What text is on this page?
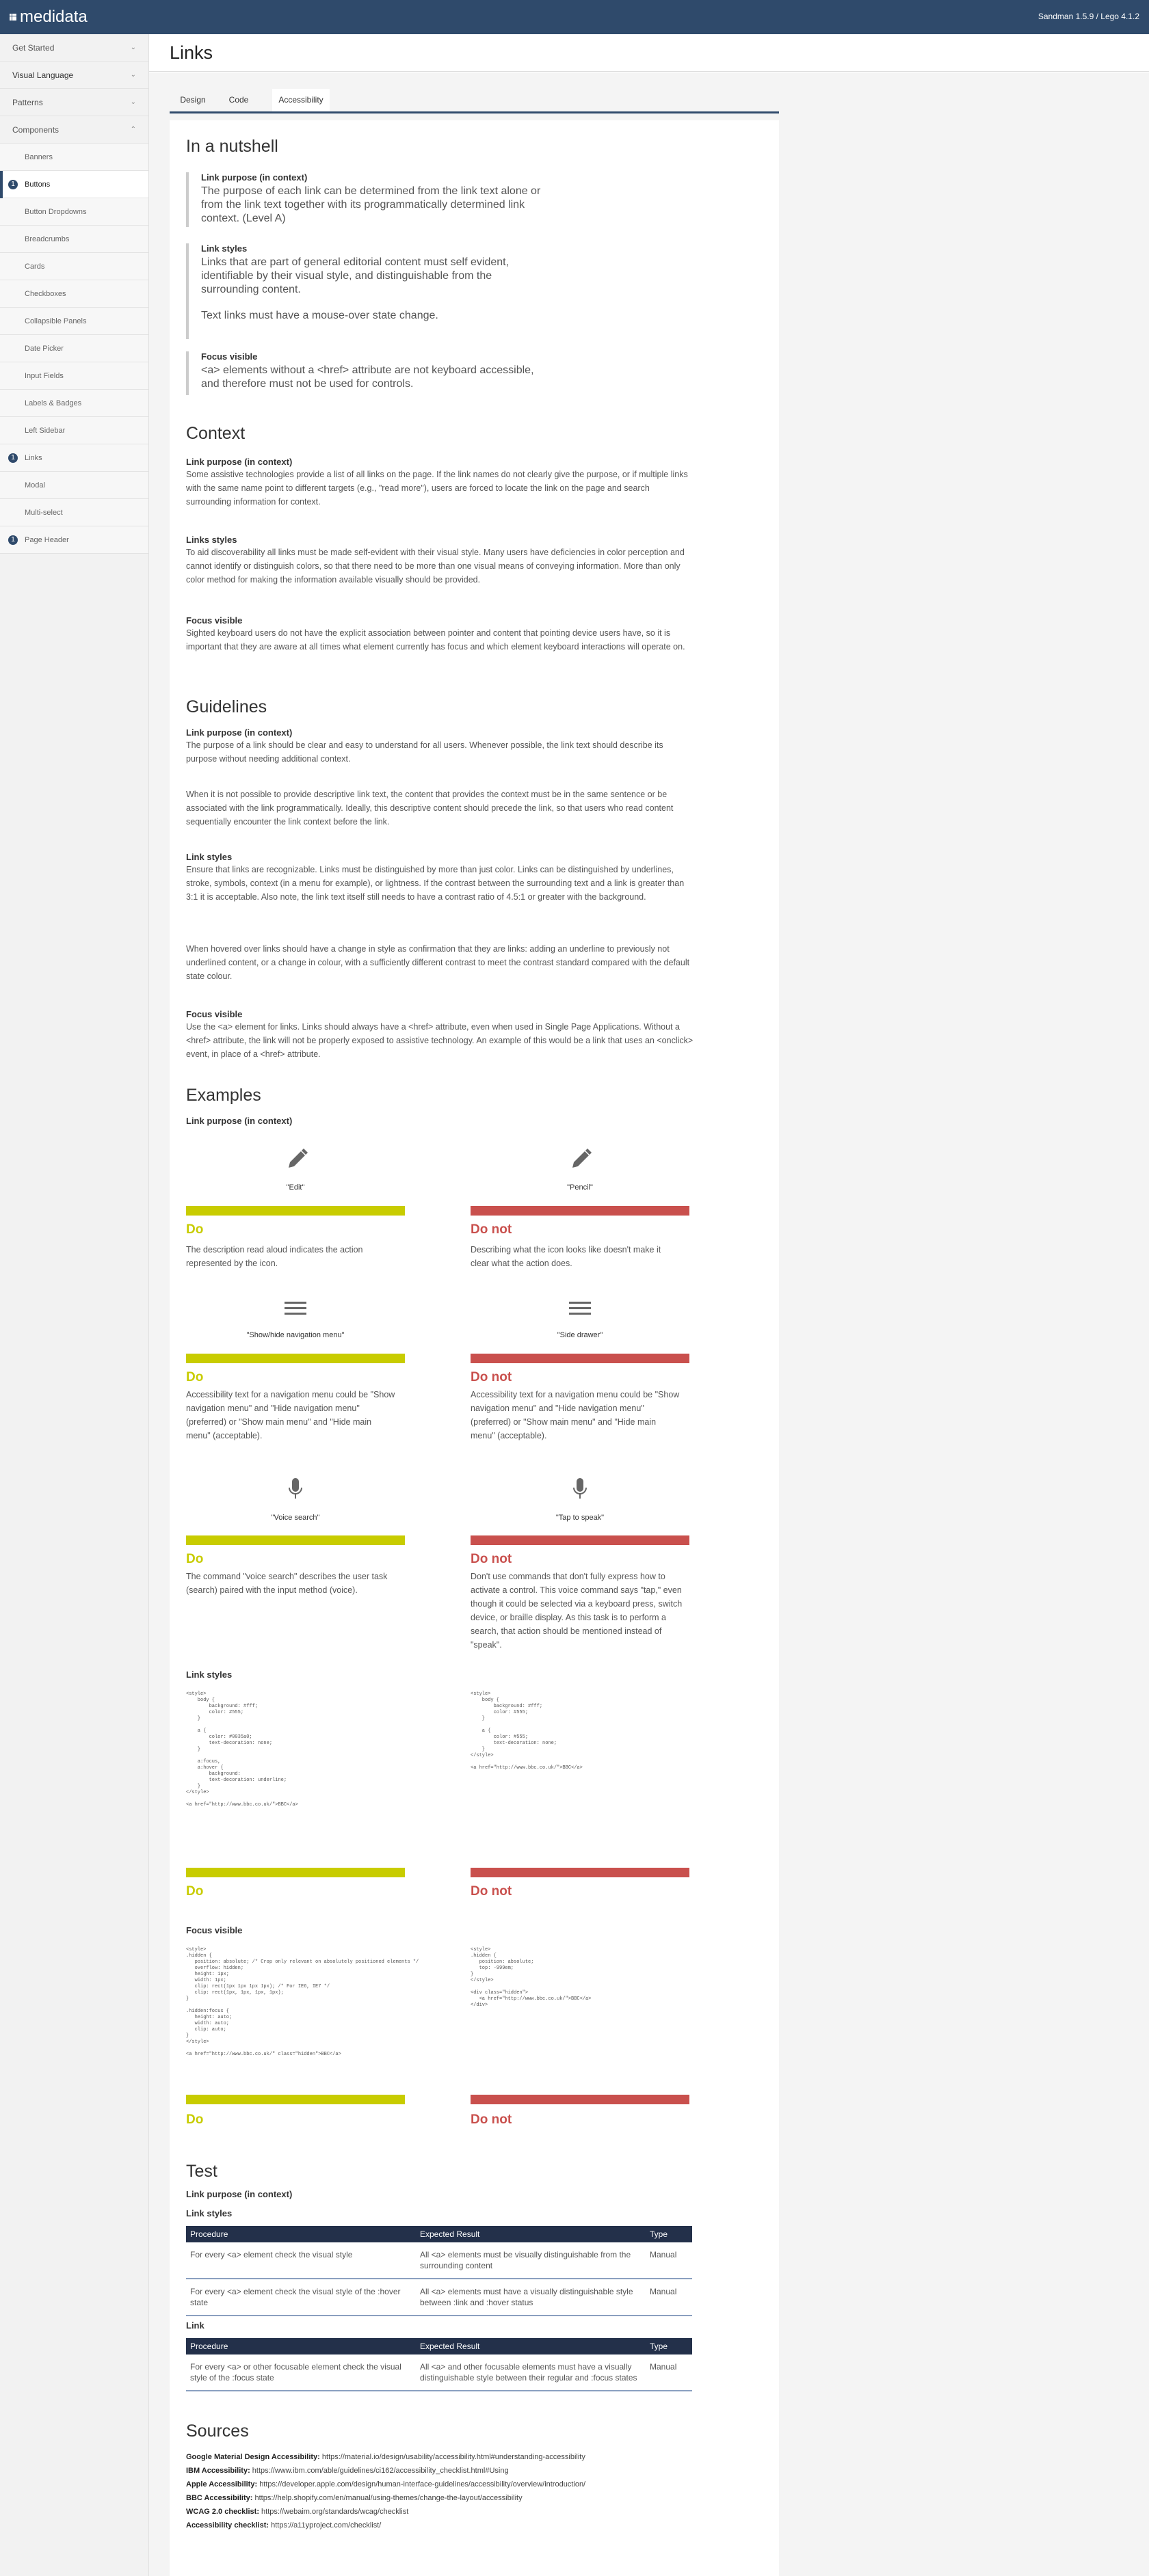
medidata	Sandman 1.5.9 / Lego 4.1.2
Get Started	⌄
Visual Language	⌄
Patterns	⌄
Components	⌃
Banners
1	Buttons
Button Dropdowns
Breadcrumbs
Cards
Checkboxes
Collapsible Panels
Date Picker
Input Fields
Labels & Badges
Left Sidebar
1	Links
Modal
Multi-select
1	Page Header
Links
Design	Code	Accessibility
In a nutshell
Link purpose (in context)
The purpose of each link can be determined from the link text alone or from the link text together with its programmatically determined link context. (Level A)
Link styles
Links that are part of general editorial content must self evident, identifiable by their visual style, and distinguishable from the surrounding content.
Text links must have a mouse-over state change.
Focus visible
<a> elements without a <href> attribute are not keyboard accessible, and therefore must not be used for controls.
Context
Link purpose (in context)
Some assistive technologies provide a list of all links on the page. If the link names do not clearly give the purpose, or if multiple links with the same name point to different targets (e.g., "read more"), users are forced to locate the link on the page and search surrounding information for context.
Links styles
To aid discoverability all links must be made self-evident with their visual style. Many users have deficiencies in color perception and cannot identify or distinguish colors, so that there need to be more than one visual means of conveying information. More than only color method for making the information available visually should be provided.
Focus visible
Sighted keyboard users do not have the explicit association between pointer and content that pointing device users have, so it is important that they are aware at all times what element currently has focus and which element keyboard interactions will operate on.
Guidelines
Link purpose (in context)
The purpose of a link should be clear and easy to understand for all users. Whenever possible, the link text should describe its purpose without needing additional context.
When it is not possible to provide descriptive link text, the content that provides the context must be in the same sentence or be associated with the link programmatically. Ideally, this descriptive content should precede the link, so that users who read content sequentially encounter the link context before the link.
Link styles
Ensure that links are recognizable. Links must be distinguished by more than just color. Links can be distinguished by underlines, stroke, symbols, context (in a menu for example), or lightness. If the contrast between the surrounding text and a link is greater than 3:1 it is acceptable. Also note, the link text itself still needs to have a contrast ratio of 4.5:1 or greater with the background.
When hovered over links should have a change in style as confirmation that they are links: adding an underline to previously not underlined content, or a change in colour, with a sufficiently different contrast to meet the contrast standard compared with the default state colour.
Focus visible
Use the <a> element for links. Links should always have a <href> attribute, even when used in Single Page Applications. Without a <href> attribute, the link will not be properly exposed to assistive technology. An example of this would be a link that uses an <onclick> event, in place of a <href> attribute.
Examples
Link purpose (in context)
"Edit"
Do
The description read aloud indicates the action represented by the icon.
"Pencil"
Do not
Describing what the icon looks like doesn't make it clear what the action does.
"Show/hide navigation menu"
Do
Accessibility text for a navigation menu could be "Show navigation menu" and "Hide navigation menu" (preferred) or "Show main menu" and "Hide main menu" (acceptable).
"Side drawer"
Do not
Accessibility text for a navigation menu could be "Show navigation menu" and "Hide navigation menu" (preferred) or "Show main menu" and "Hide main menu" (acceptable).
"Voice search"
Do
The command "voice search" describes the user task (search) paired with the input method (voice).
"Tap to speak"
Do not
Don't use commands that don't fully express how to activate a control. This voice command says "tap," even though it could be selected via a keyboard press, switch device, or braille display. As this task is to perform a search, that action should be mentioned instead of "speak".
Link styles
<style>
body {
background: #fff;
color: #555;
}

a {
color: #0035a0;
text-decoration: none;
}

a:focus,
a:hover {
background:
text-decoration: underline;
}
</style>

<a href="http://www.bbc.co.uk/">BBC</a>
<style>
body {
background: #fff;
color: #555;
}

a {
color: #555;
text-decoration: none;
}
</style>

<a href="http://www.bbc.co.uk/">BBC</a>
Do	Do not
Focus visible
<style>
.hidden {
position: absolute; /* Crop only relevant on absolutely positioned elements */
overflow: hidden;
height: 1px;
width: 1px;
clip: rect(1px 1px 1px 1px); /* For IE6, IE7 */
clip: rect(1px, 1px, 1px, 1px);
}

.hidden:focus {
height: auto;
width: auto;
clip: auto;
}
</style>

<a href="http://www.bbc.co.uk/" class="hidden">BBC</a>
<style>
.hidden {
position: absolute;
top: -999em;
}
</style>

<div class="hidden">
<a href="http://www.bbc.co.uk/">BBC</a>
</div>
Do	Do not
Test
Link purpose (in context)
Link styles
Procedure	Expected Result	Type
For every <a> element check the visual style	All <a> elements must be visually distinguishable from the surrounding content	Manual
For every <a> element check the visual style of the :hover state	All <a> elements must have a visually distinguishable style between :link and :hover status	Manual
Link
Procedure	Expected Result	Type
For every <a> or other focusable element check the visual style of the :focus state	All <a> and other focusable elements must have a visually distinguishable style between their regular and :focus states	Manual
Sources
Google Material Design Accessibility: https://material.io/design/usability/accessibility.html#understanding-accessibility
IBM Accessibility: https://www.ibm.com/able/guidelines/ci162/accessibility_checklist.html#Using
Apple Accessibility: https://developer.apple.com/design/human-interface-guidelines/accessibility/overview/introduction/
BBC Accessibility: https://help.shopify.com/en/manual/using-themes/change-the-layout/accessibility
WCAG 2.0 checklist: https://webaim.org/standards/wcag/checklist
Accessibility checklist: https://a11yproject.com/checklist/
